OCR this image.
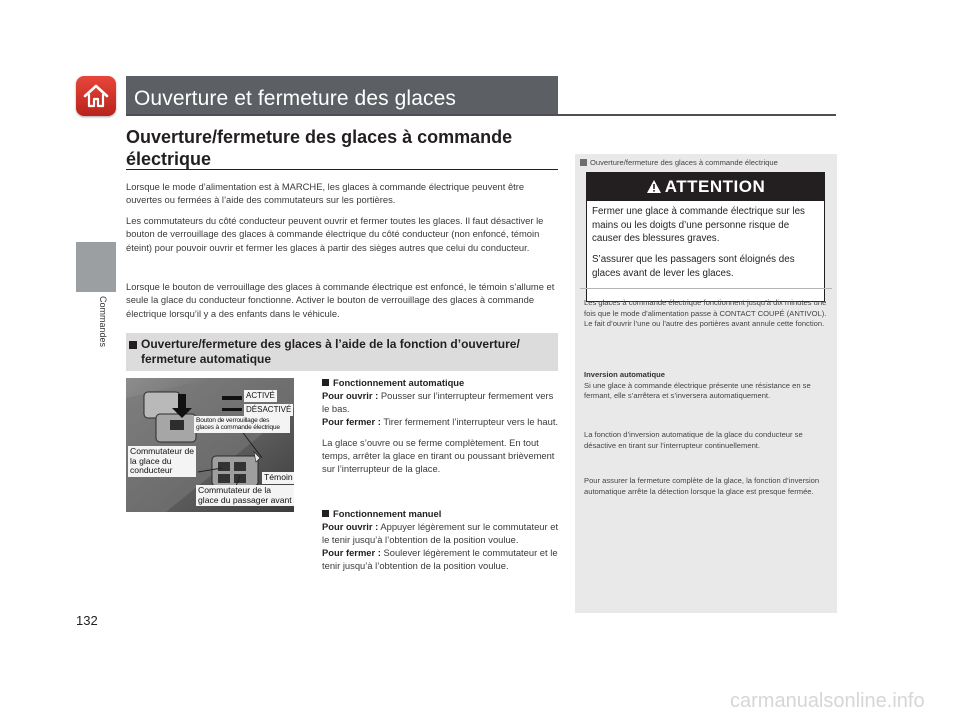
Ouverture et fermeture des glaces
Commandes
132
Ouverture/fermeture des glaces à commande électrique

Lorsque le mode d’alimentation est à MARCHE, les glaces à commande électrique peuvent être ouvertes ou fermées à l’aide des commutateurs sur les portières.

Les commutateurs du côté conducteur peuvent ouvrir et fermer toutes les glaces. Il faut désactiver le bouton de verrouillage des glaces à commande électrique du côté conducteur (non enfoncé, témoin éteint) pour pouvoir ouvrir et fermer les glaces à partir des sièges autres que celui du conducteur.

Lorsque le bouton de verrouillage des glaces à commande électrique est enfoncé, le témoin s’allume et seule la glace du conducteur fonctionne. Activer le bouton de verrouillage des glaces à commande électrique lorsqu’il y a des enfants dans le véhicule.

Ouverture/fermeture des glaces à l’aide de la fonction d’ouverture/ fermeture automatique
ACTIVÉ
DÉSACTIVÉ
Bouton de verrouillage des glaces à commande électrique
Commutateur de la glace du conducteur
Témoin
Commutateur de la glace du passager avant
Fonctionnement automatique
Pour ouvrir : Pousser sur l’interrupteur fermement vers le bas.
Pour fermer : Tirer fermement l’interrupteur vers le haut.
La glace s’ouvre ou se ferme complètement. En tout temps, arrêter la glace en tirant ou poussant brièvement sur l’interrupteur de la glace.
Fonctionnement manuel
Pour ouvrir : Appuyer légèrement sur le commutateur et le tenir jusqu’à l’obtention de la position voulue.
Pour fermer : Soulever légèrement le commutateur et le tenir jusqu’à l’obtention de la position voulue.
Ouverture/fermeture des glaces à commande électrique
ATTENTION
Fermer une glace à commande électrique sur les mains ou les doigts d’une personne risque de causer des blessures graves.
S’assurer que les passagers sont éloignés des glaces avant de lever les glaces.
Les glaces à commande électrique fonctionnent jusqu’à dix minutes une fois que le mode d’alimentation passe à CONTACT COUPÉ (ANTIVOL). Le fait d’ouvrir l’une ou l’autre des portières avant annule cette fonction.
Inversion automatique
Si une glace à commande électrique présente une résistance en se fermant, elle s’arrêtera et s’inversera automatiquement.
La fonction d’inversion automatique de la glace du conducteur se désactive en tirant sur l’interrupteur continuellement.
Pour assurer la fermeture complète de la glace, la fonction d’inversion automatique arrête la détection lorsque la glace est presque fermée.
carmanualsonline.info
